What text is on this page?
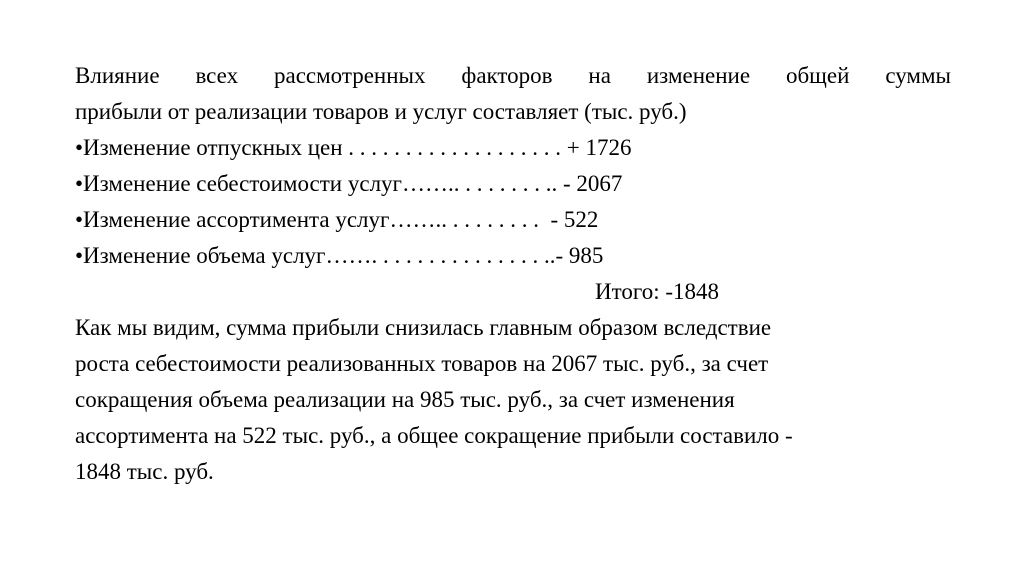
Влияние всех рассмотренных факторов на изменение общей суммы
прибыли от реализации товаров и услуг составляет (тыс. руб.)
•Изменение отпускных цен . . . . . . . . . . . . . . . . . . . + 1726
•Изменение себестоимости услуг…….. . . . . . . . .. - 2067
•Изменение ассортимента услуг…….. . . . . . . . .  - 522
•Изменение объема услуг……. . . . . . . . . . . . . . . ..- 985
Итого: -1848
Как мы видим, сумма прибыли снизилась главным образом вследствие
роста себестоимости реализованных товаров на 2067 тыс. руб., за счет
сокращения объема реализации на 985 тыс. руб., за счет изменения
ассортимента на 522 тыс. руб., а общее сокращение прибыли составило -
1848 тыс. руб.
